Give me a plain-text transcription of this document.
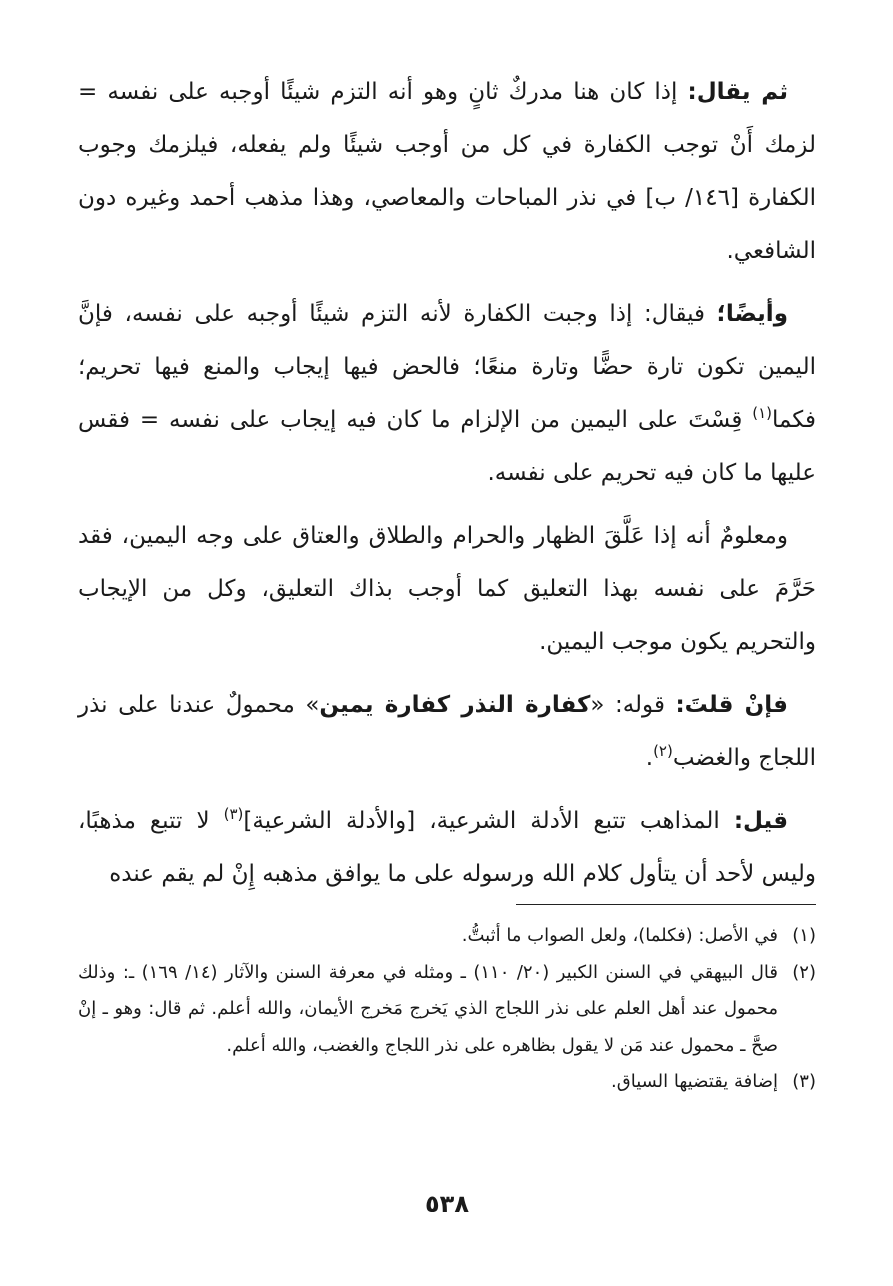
ثم يقال: إذا كان هنا مدركٌ ثانٍ وهو أنه التزم شيئًا أوجبه على نفسه = لزمك أَنْ توجب الكفارة في كل من أوجب شيئًا ولم يفعله، فيلزمك وجوب الكفارة [١٤٦/ ب] في نذر المباحات والمعاصي، وهذا مذهب أحمد وغيره دون الشافعي.

وأيضًا؛ فيقال: إذا وجبت الكفارة لأنه التزم شيئًا أوجبه على نفسه، فإنَّ اليمين تكون تارة حضًّا وتارة منعًا؛ فالحض فيها إيجاب والمنع فيها تحريم؛ فكما$^{(١)}$ قِسْتَ على اليمين من الإلزام ما كان فيه إيجاب على نفسه = فقس عليها ما كان فيه تحريم على نفسه.

ومعلومٌ أنه إذا عَلَّقَ الظهار والحرام والطلاق والعتاق على وجه اليمين، فقد حَرَّمَ على نفسه بهذا التعليق كما أوجب بذاك التعليق، وكل من الإيجاب والتحريم يكون موجب اليمين.

فإنْ قلتَ: قوله: «كفارة النذر كفارة يمين» محمولٌ عندنا على نذر اللجاج والغضب$^{(٢)}$.

قيل: المذاهب تتبع الأدلة الشرعية، [والأدلة الشرعية]$^{(٣)}$ لا تتبع مذهبًا، وليس لأحد أن يتأول كلام الله ورسوله على ما يوافق مذهبه إِنْ لم يقم عنده

(١)
في الأصل: (فكلما)، ولعل الصواب ما أثبتُّ.
(٢)
قال البيهقي في السنن الكبير (٢٠/ ١١٠) ـ ومثله في معرفة السنن والآثار (١٤/ ١٦٩) ـ: وذلك محمول عند أهل العلم على نذر اللجاج الذي يَخرج مَخرج الأيمان، والله أعلم. ثم قال: وهو ـ إنْ صحَّ ـ محمول عند مَن لا يقول بظاهره على نذر اللجاج والغضب، والله أعلم.
(٣)
إضافة يقتضيها السياق.
٥٣٨
